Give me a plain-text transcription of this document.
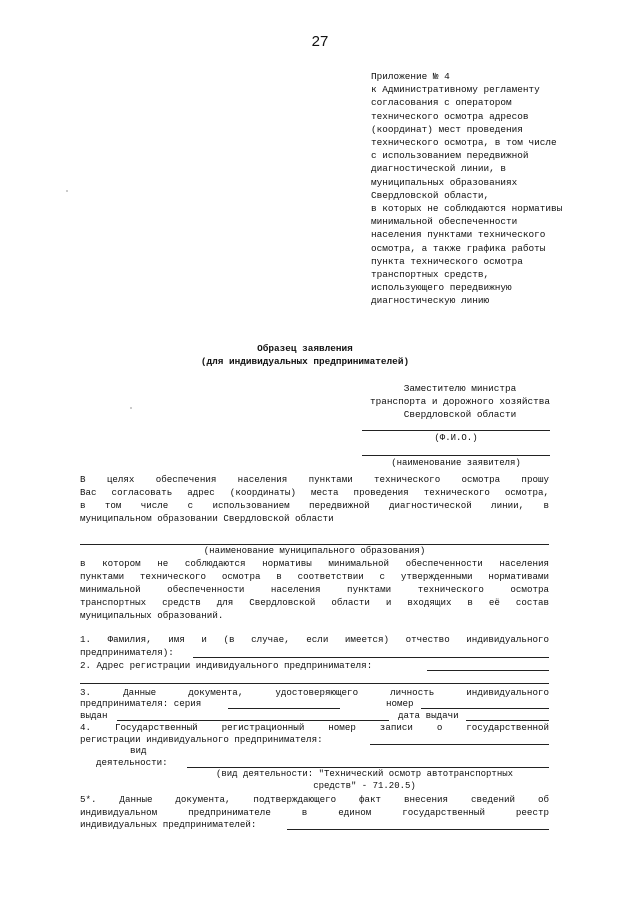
27
Приложение № 4
к Административному регламенту
согласования с оператором
технического осмотра адресов
(координат) мест проведения
технического осмотра, в том числе
с использованием передвижной
диагностической линии, в
муниципальных образованиях
Свердловской области,
в которых не соблюдаются нормативы
минимальной обеспеченности
населения пунктами технического
осмотра, а также графика работы
пункта технического осмотра
транспортных средств,
использующего передвижную
диагностическую линию
Образец заявления
(для индивидуальных предпринимателей)
Заместителю министра
транспорта и дорожного хозяйства
Свердловской области
(Ф.И.О.)
(наименование заявителя)
В целях обеспечения населения пунктами технического осмотра прошу
Вас согласовать адрес (координаты) места проведения технического осмотра,
в том числе с использованием передвижной диагностической линии, в
муниципальном образовании Свердловской области
(наименование муниципального образования)
в котором не соблюдаются нормативы минимальной обеспеченности населения
пунктами технического осмотра в соответствии с утвержденными нормативами
минимальной обеспеченности населения пунктами технического осмотра
транспортных средств для Свердловской области и входящих в её состав
муниципальных образований.
1. Фамилия, имя и (в случае, если имеется) отчество индивидуального
предпринимателя):
2. Адрес регистрации индивидуального предпринимателя:
3. Данные документа, удостоверяющего личность индивидуального
предпринимателя: серия	номер
выдан	дата выдачи
4. Государственный регистрационный номер записи о государственной
регистрации индивидуального предпринимателя:
вид
деятельности:
(вид деятельности: "Технический осмотр автотранспортных
средств" - 71.20.5)
5*. Данные документа, подтверждающего факт внесения сведений об
индивидуальном предпринимателе в едином государственный реестр
индивидуальных предпринимателей:
